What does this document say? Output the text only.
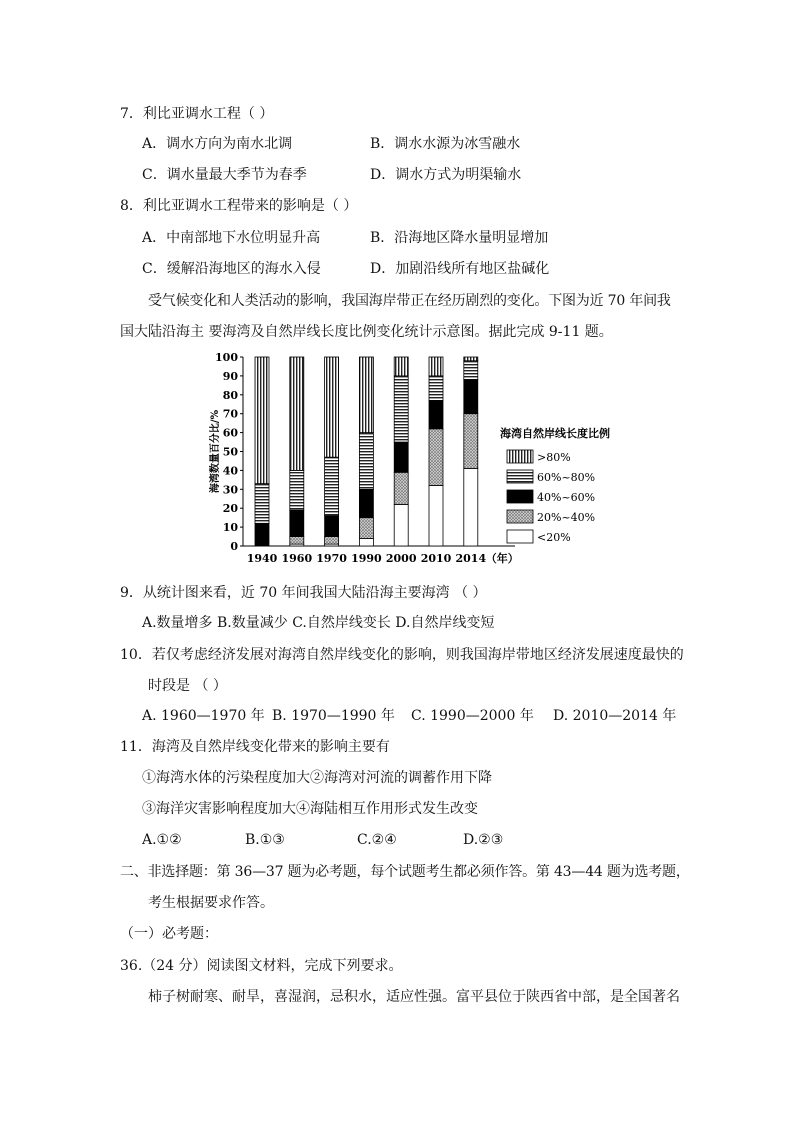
7．利比亚调水工程（ ）
A．调水方向为南水北调	B．调水水源为冰雪融水
C．调水量最大季节为春季	D．调水方式为明渠输水
8．利比亚调水工程带来的影响是（ ）
A．中南部地下水位明显升高	B．沿海地区降水量明显增加
C．缓解沿海地区的海水入侵	D．加剧沿线所有地区盐碱化
受气候变化和人类活动的影响，我国海岸带正在经历剧烈的变化。下图为近 70 年间我
国大陆沿海主 要海湾及自然岸线长度比例变化统计示意图。据此完成 9-11 题。
0
10
20
30
40
50
60
70
80
90
100
海湾数量百分比/%
1940 1960 1970 1990 2000 2010 2014 （年）
海湾自然岸线长度比例
>80%
60%~80%
40%~60%
20%~40%
<20%
9．从统计图来看，近 70 年间我国大陆沿海主要海湾 （ ）
A.数量增多 B.数量减少 C.自然岸线变长 D.自然岸线变短
10．若仅考虑经济发展对海湾自然岸线变化的影响，则我国海岸带地区经济发展速度最快的
时段是 （ ）
A. 1960—1970 年 B. 1970—1990 年 C. 1990—2000 年 D. 2010—2014 年
11．海湾及自然岸线变化带来的影响主要有
①海湾水体的污染程度加大②海湾对河流的调蓄作用下降
③海洋灾害影响程度加大④海陆相互作用形式发生改变
A.①②	B.①③	C.②④	D.②③
二、非选择题：第 36—37 题为必考题，每个试题考生都必须作答。第 43—44 题为选考题，
考生根据要求作答。
（一）必考题：
36.（24 分）阅读图文材料，完成下列要求。
柿子树耐寒、耐旱，喜湿润，忌积水，适应性强。富平县位于陕西省中部，是全国著名
